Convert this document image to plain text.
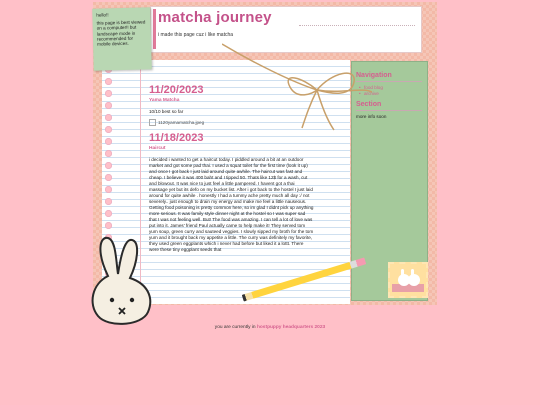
matcha journey
i made this page cuz i like matcha
11/20/2023
Yama Matcha
10/10 best so far
1120yamamatcha.jpeg
11/18/2023
Haircut
i decided i wanted to get a haircut today. I piddled around a bit at an outdoor market and got some pad thai. I used a squat toilet for the first time (look it up) and once I got back I just laid around quite awhile. The haircut was fast and cheap. I believe it was 400 baht and I tipped 50. Thats like 12$ for a wash, cut and blowout. It was nice to just feel a little pampered. I havent got a thai massage yet but its defo on my bucket list. After i got back to the hostel I just laid around for quite awhile . honestly I had a tummy ache pretty much all day :/ not severely.. just enough to drain my energy and make me feel a little nauseous. Getting food poisoning is pretty common here, so im glad I didnt pick up anything more serious. It was family style dinner night at the hostel so I was super sad that I was not feeling well. But! The food was amazing. I can tell a lot of love was put into it. James' friend Paul actually came to help make it! They served tom yum soup, green curry and sauteed veggies. I slowly sipped my broth for the tom yum and it brought back my appetite a little. The curry was definitely my favorite, they used green eggplants which i never had before but liked it a lottt. There were these tiny eggplant seeds that
hello!!
this page is best viewed on a computer!! but landscape mode is recommended for mobile devices.
Navigation
• food blog
• archive
Section
more info soon
you are currently in hostpuppy headquarters 2023
